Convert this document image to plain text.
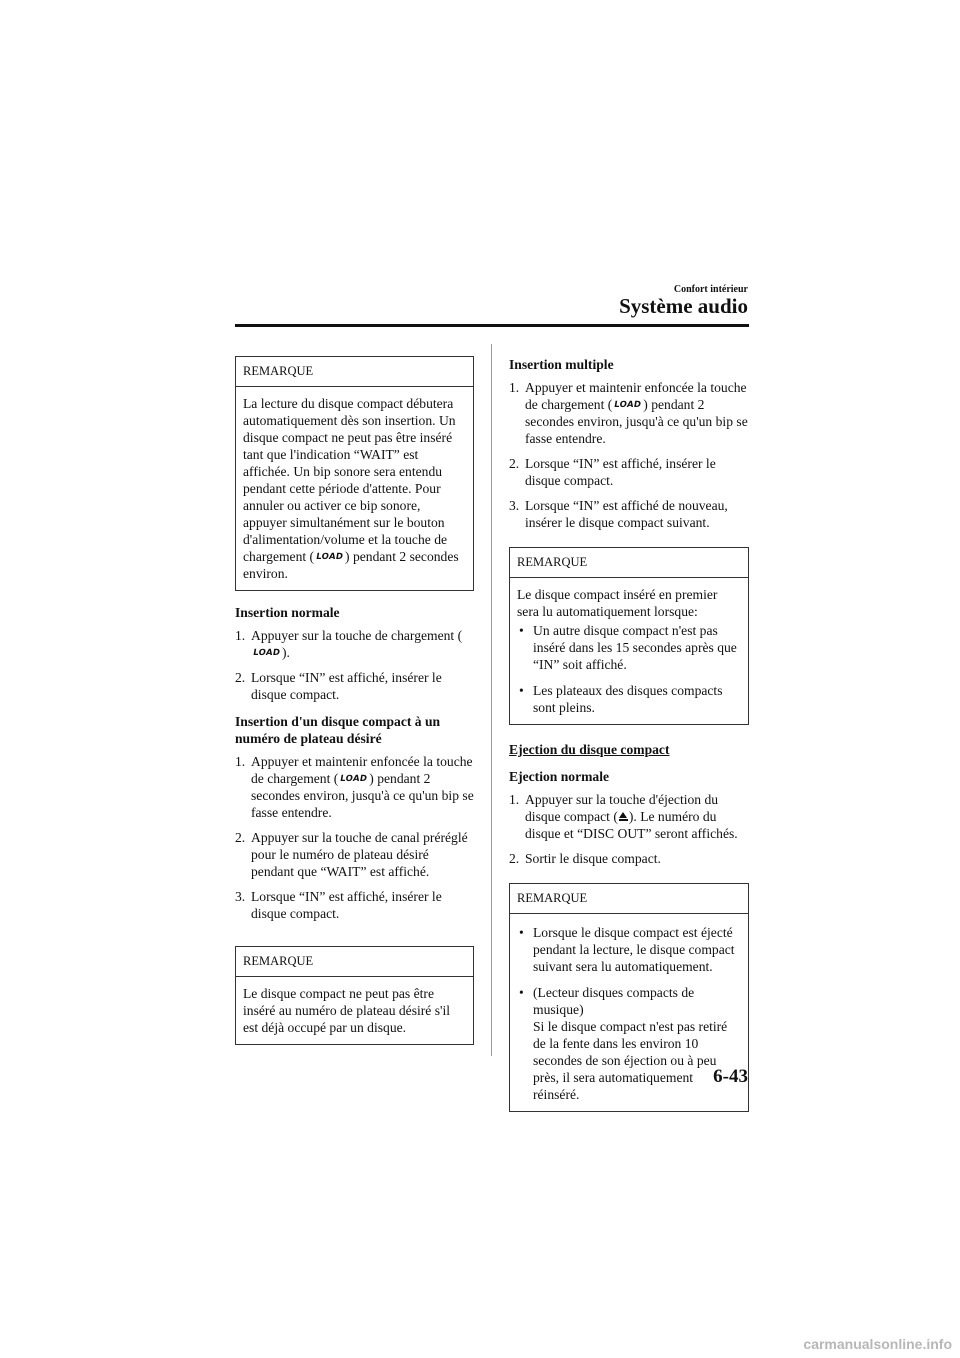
Confort intérieur
Système audio
REMARQUE
La lecture du disque compact débutera automatiquement dès son insertion. Un disque compact ne peut pas être inséré tant que l'indication “WAIT” est affichée. Un bip sonore sera entendu pendant cette période d'attente. Pour annuler ou activer ce bip sonore, appuyer simultanément sur le bouton d'alimentation/volume et la touche de chargement (LOAD) pendant 2 secondes environ.
Insertion normale
1. Appuyer sur la touche de chargement (LOAD).
2. Lorsque “IN” est affiché, insérer le disque compact.
Insertion d'un disque compact à un numéro de plateau désiré
1. Appuyer et maintenir enfoncée la touche de chargement (LOAD) pendant 2 secondes environ, jusqu'à ce qu'un bip se fasse entendre.
2. Appuyer sur la touche de canal préréglé pour le numéro de plateau désiré pendant que “WAIT” est affiché.
3. Lorsque “IN” est affiché, insérer le disque compact.
REMARQUE
Le disque compact ne peut pas être inséré au numéro de plateau désiré s'il est déjà occupé par un disque.
Insertion multiple
1. Appuyer et maintenir enfoncée la touche de chargement (LOAD) pendant 2 secondes environ, jusqu'à ce qu'un bip se fasse entendre.
2. Lorsque “IN” est affiché, insérer le disque compact.
3. Lorsque “IN” est affiché de nouveau, insérer le disque compact suivant.
REMARQUE
Le disque compact inséré en premier sera lu automatiquement lorsque:
• Un autre disque compact n'est pas inséré dans les 15 secondes après que “IN” soit affiché.
• Les plateaux des disques compacts sont pleins.
Ejection du disque compact
Ejection normale
1. Appuyer sur la touche d'éjection du disque compact ( ). Le numéro du disque et “DISC OUT” seront affichés.
2. Sortir le disque compact.
REMARQUE
• Lorsque le disque compact est éjecté pendant la lecture, le disque compact suivant sera lu automatiquement.
• (Lecteur disques compacts de musique)
Si le disque compact n'est pas retiré de la fente dans les environ 10 secondes de son éjection ou à peu près, il sera automatiquement réinséré.
6-43
carmanualsonline.info
